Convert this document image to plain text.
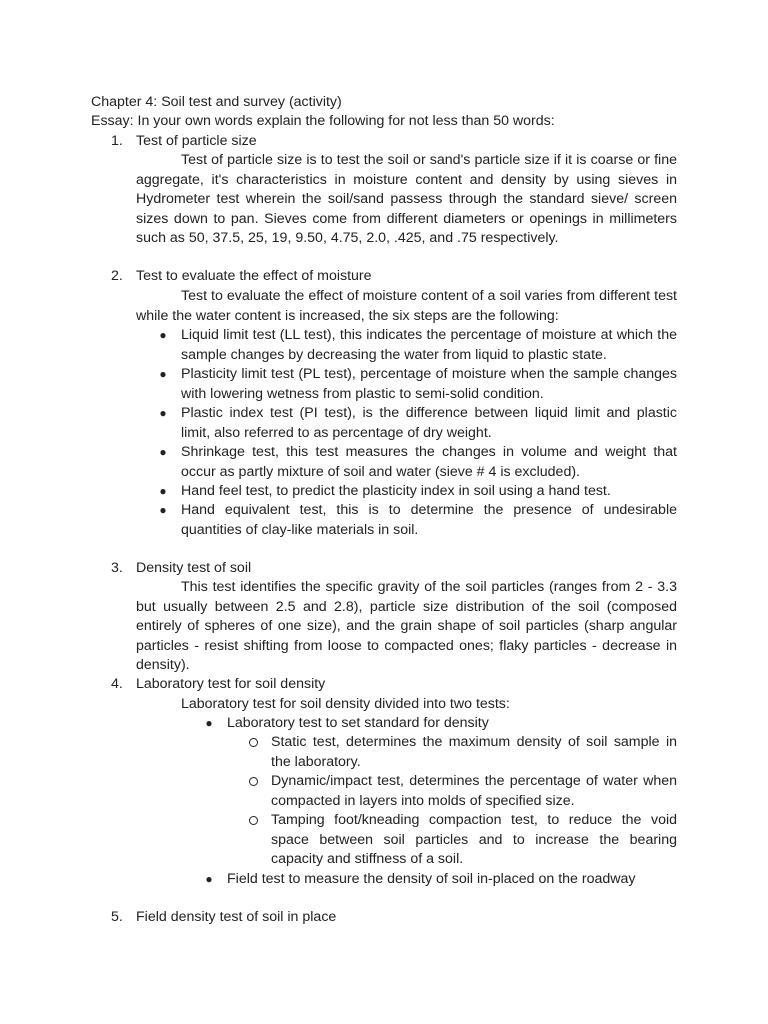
Chapter 4: Soil test and survey (activity)
Essay: In your own words explain the following for not less than 50 words:
1. Test of particle size
Test of particle size is to test the soil or sand's particle size if it is coarse or fine aggregate, it's characteristics in moisture content and density by using sieves in Hydrometer test wherein the soil/sand passess through the standard sieve/ screen sizes down to pan. Sieves come from different diameters or openings in millimeters such as 50, 37.5, 25, 19, 9.50, 4.75, 2.0, .425, and .75 respectively.
2. Test to evaluate the effect of moisture
Test to evaluate the effect of moisture content of a soil varies from different test while the water content is increased, the six steps are the following:
● Liquid limit test (LL test), this indicates the percentage of moisture at which the sample changes by decreasing the water from liquid to plastic state.
● Plasticity limit test (PL test), percentage of moisture when the sample changes with lowering wetness from plastic to semi-solid condition.
● Plastic index test (PI test), is the difference between liquid limit and plastic limit, also referred to as percentage of dry weight.
● Shrinkage test, this test measures the changes in volume and weight that occur as partly mixture of soil and water (sieve # 4 is excluded).
● Hand feel test, to predict the plasticity index in soil using a hand test.
● Hand equivalent test, this is to determine the presence of undesirable quantities of clay-like materials in soil.
3. Density test of soil
This test identifies the specific gravity of the soil particles (ranges from 2 - 3.3 but usually between 2.5 and 2.8), particle size distribution of the soil (composed entirely of spheres of one size), and the grain shape of soil particles (sharp angular particles - resist shifting from loose to compacted ones; flaky particles - decrease in density).
4. Laboratory test for soil density
Laboratory test for soil density divided into two tests:
● Laboratory test to set standard for density
Static test, determines the maximum density of soil sample in the laboratory.
Dynamic/impact test, determines the percentage of water when compacted in layers into molds of specified size.
Tamping foot/kneading compaction test, to reduce the void space between soil particles and to increase the bearing capacity and stiffness of a soil.
● Field test to measure the density of soil in-placed on the roadway
5. Field density test of soil in place
